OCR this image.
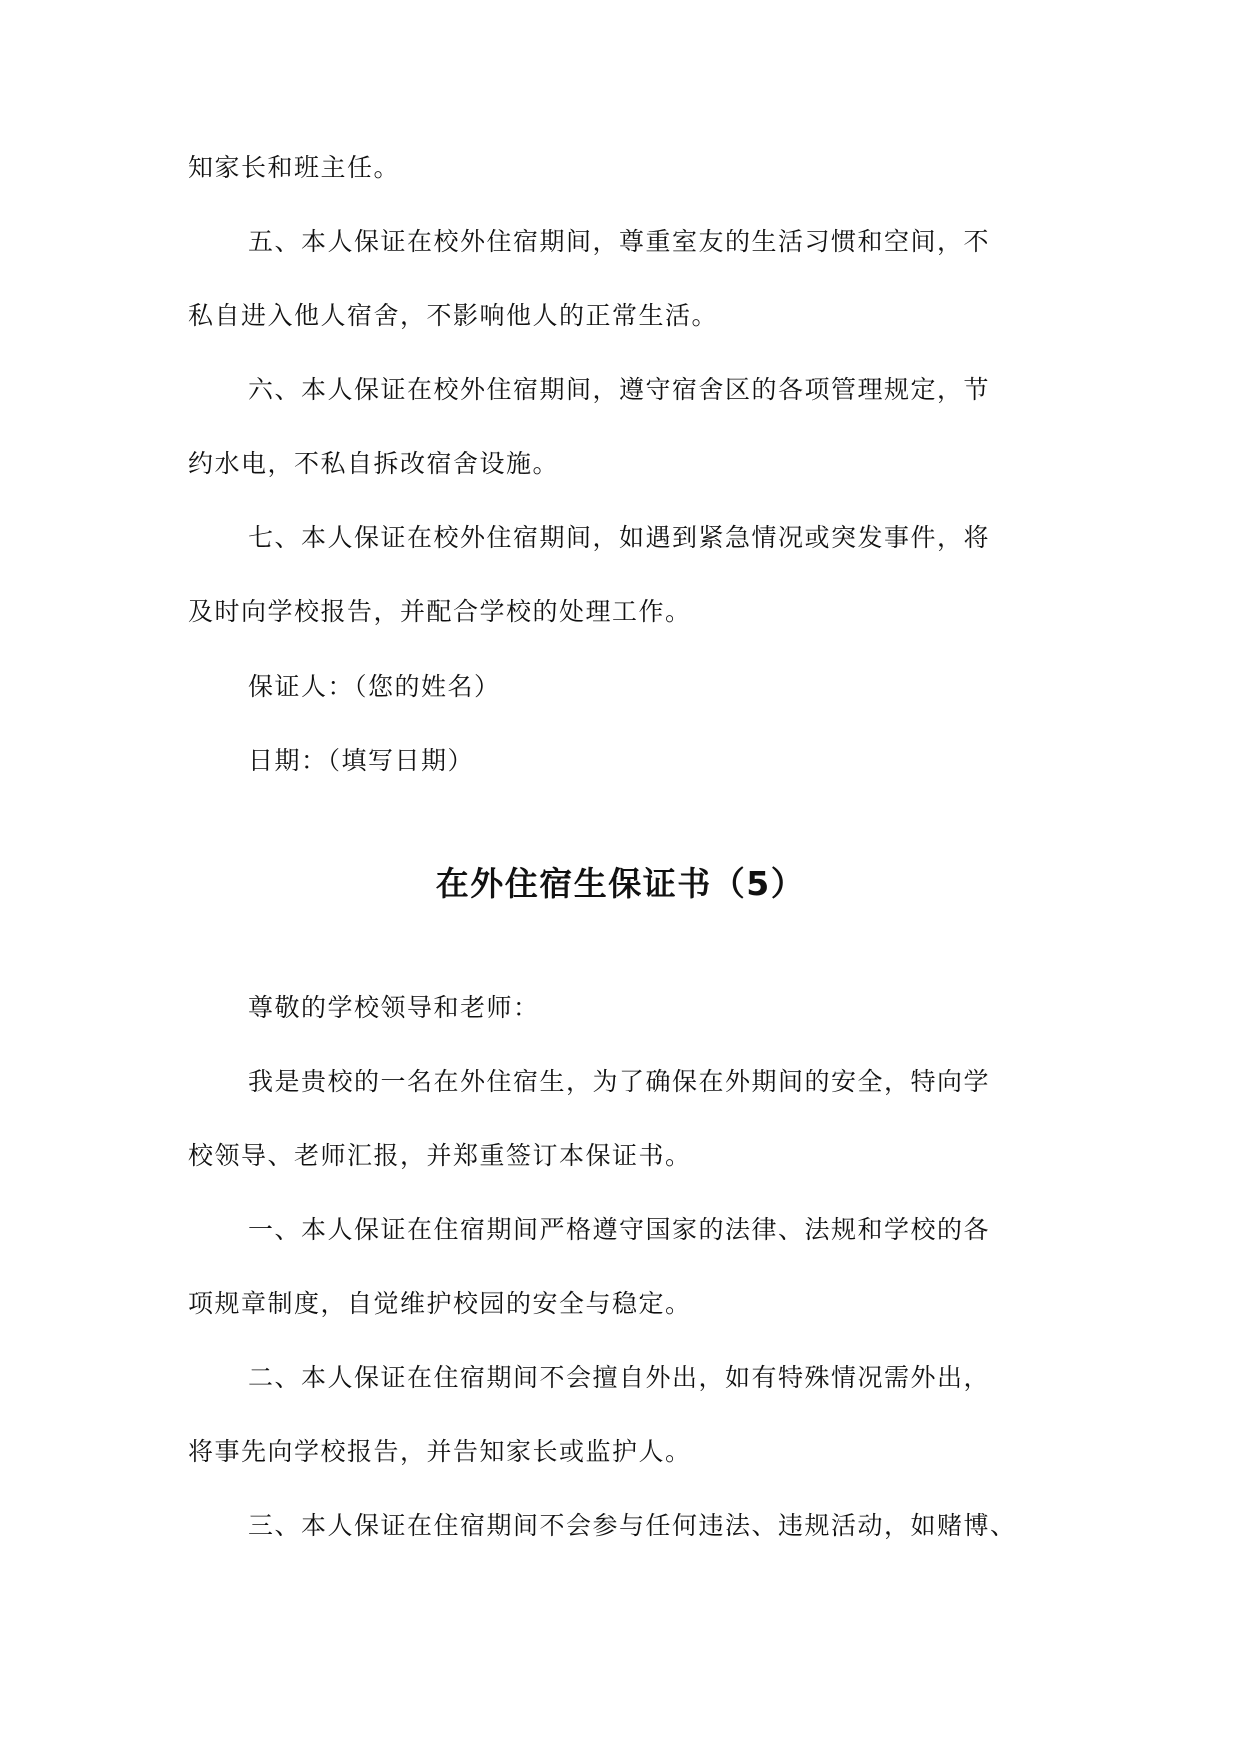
知家长和班主任。
五、本人保证在校外住宿期间，尊重室友的生活习惯和空间，不
私自进入他人宿舍，不影响他人的正常生活。
六、本人保证在校外住宿期间，遵守宿舍区的各项管理规定，节
约水电，不私自拆改宿舍设施。
七、本人保证在校外住宿期间，如遇到紧急情况或突发事件，将
及时向学校报告，并配合学校的处理工作。
保证人：（您的姓名）
日期：（填写日期）
在外住宿生保证书（5）
尊敬的学校领导和老师：
我是贵校的一名在外住宿生，为了确保在外期间的安全，特向学
校领导、老师汇报，并郑重签订本保证书。
一、本人保证在住宿期间严格遵守国家的法律、法规和学校的各
项规章制度，自觉维护校园的安全与稳定。
二、本人保证在住宿期间不会擅自外出，如有特殊情况需外出，
将事先向学校报告，并告知家长或监护人。
三、本人保证在住宿期间不会参与任何违法、违规活动，如赌博、
